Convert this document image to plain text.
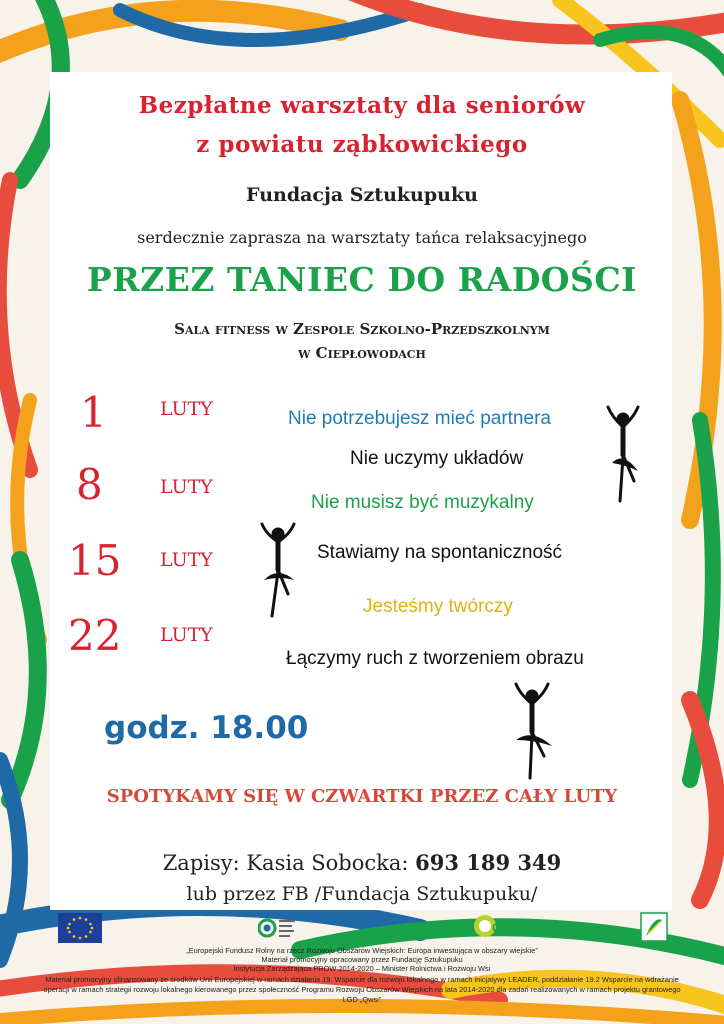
Bezpłatne warsztaty dla seniorów
z powiatu ząbkowickiego
Fundacja Sztukupuku
serdecznie zaprasza na warsztaty tańca relaksacyjnego
PRZEZ TANIEC DO RADOŚCI
Sala fitness w Zespole Szkolno-Przedszkolnym
w Ciepłowodach
1	LUTY
8	LUTY
15 LUTY
22 LUTY
Nie potrzebujesz mieć partnera
Nie uczymy układów
Nie musisz być muzykalny
Stawiamy na spontaniczność
Jesteśmy twórczy
Łączymy ruch z tworzeniem obrazu
godz. 18.00
SPOTYKAMY SIĘ W CZWARTKI PRZEZ CAŁY LUTY
Zapisy: Kasia Sobocka: 693 189 349
lub przez FB /Fundacja Sztukupuku/
Qwsi
„Europejski Fundusz Rolny na rzecz Rozwoju Obszarów Wiejskich: Europa inwestująca w obszary wiejskie”
Materiał promocyjny opracowany przez Fundację Sztukupuku
Instytucja Zarządzająca PROW 2014-2020 – Minister Rolnictwa i Rozwoju Wsi
Materiał promocyjny sfinansowany ze środków Unii Europejskiej w ramach działania 19. Wsparcie dla rozwoju lokalnego w ramach inicjatywy LEADER, poddziałanie 19.2 Wsparcie na wdrażanie
operacji w ramach strategii rozwoju lokalnego kierowanego przez społeczność Programu Rozwoju Obszarów Wiejskich na lata 2014-2020 dla zadań realizowanych w ramach projektu grantowego
LGD „Qwsi”
